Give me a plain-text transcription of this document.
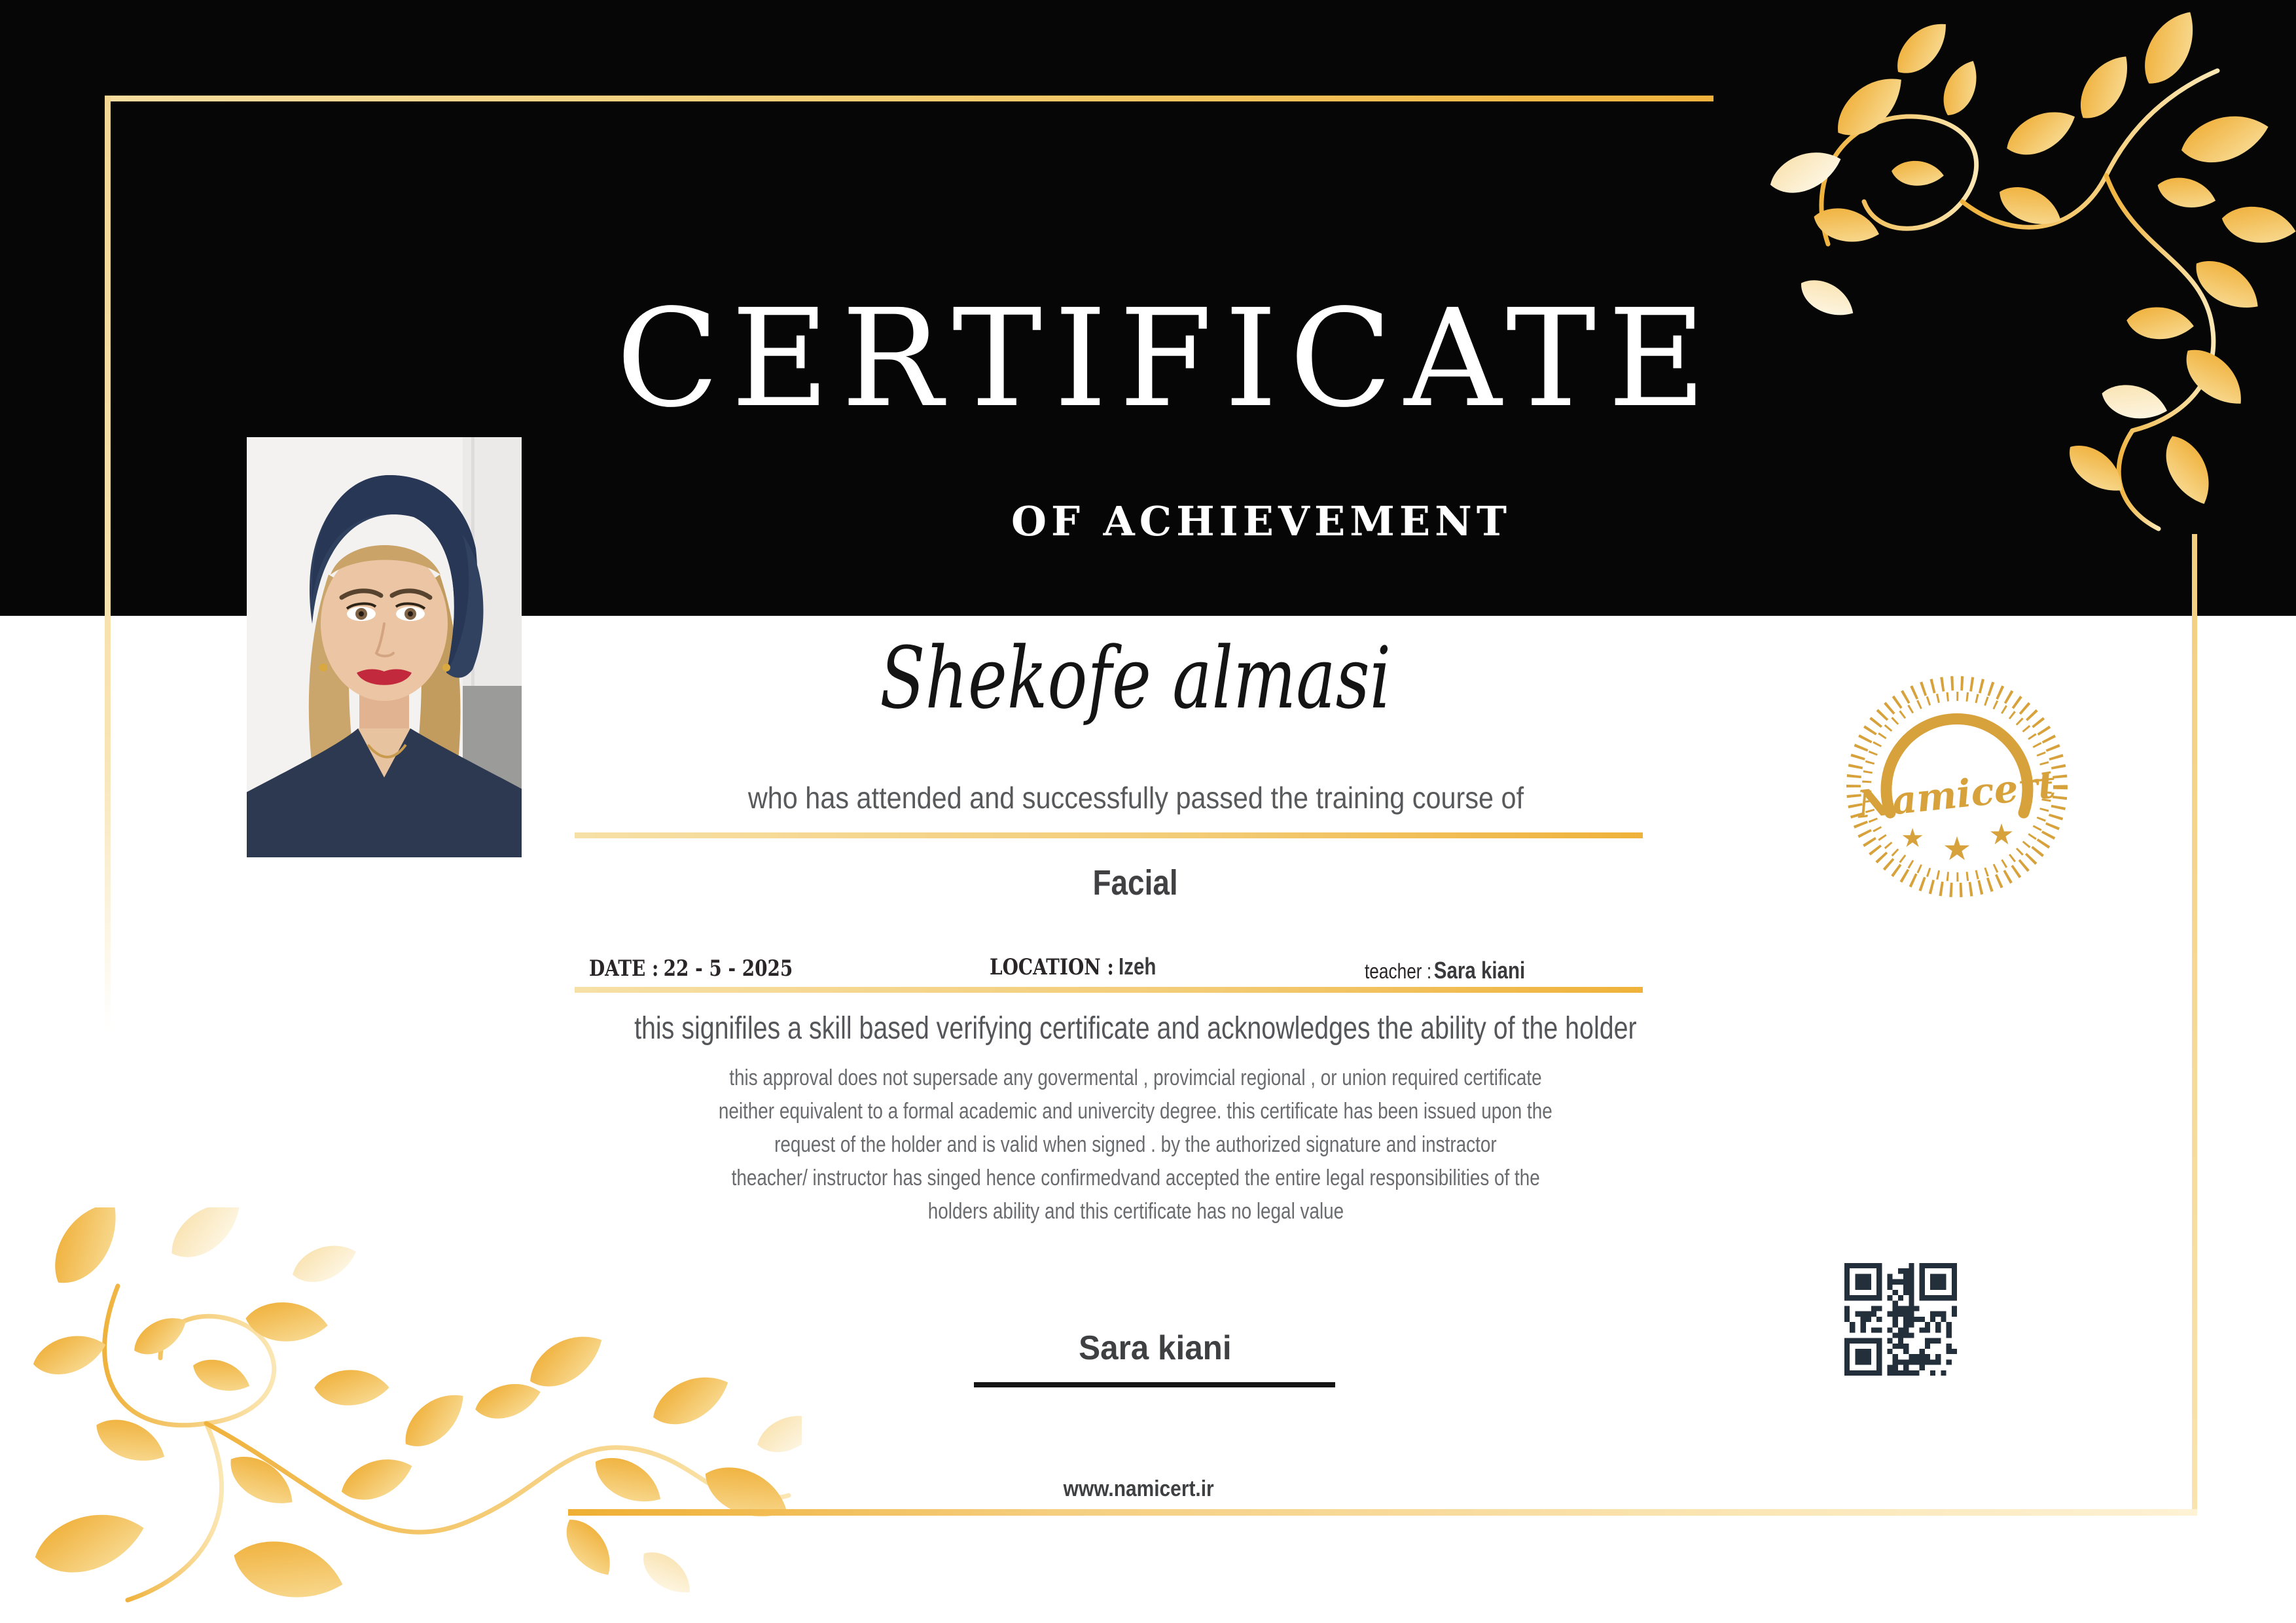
CERTIFICATE
OF ACHIEVEMENT
Shekofe almasi
who has attended and successfully passed the training course of
Facial
DATE : 22 - 5 - 2025	LOCATION : Izeh	teacher : Sara kiani
this signifiles a skill based verifying certificate and acknowledges the ability of the holder
this approval does not supersade any govermental , provimcial regional , or union required certificate
neither equivalent to a formal academic and univercity degree. this certificate has been issued upon the
request of the holder and is valid when signed . by the authorized signature and instractor
theacher/ instructor has singed hence confirmedvand accepted the entire legal responsibilities of the
holders ability and this certificate has no legal value
Sara kiani
www.namicert.ir
Namicert
★ ★ ★
